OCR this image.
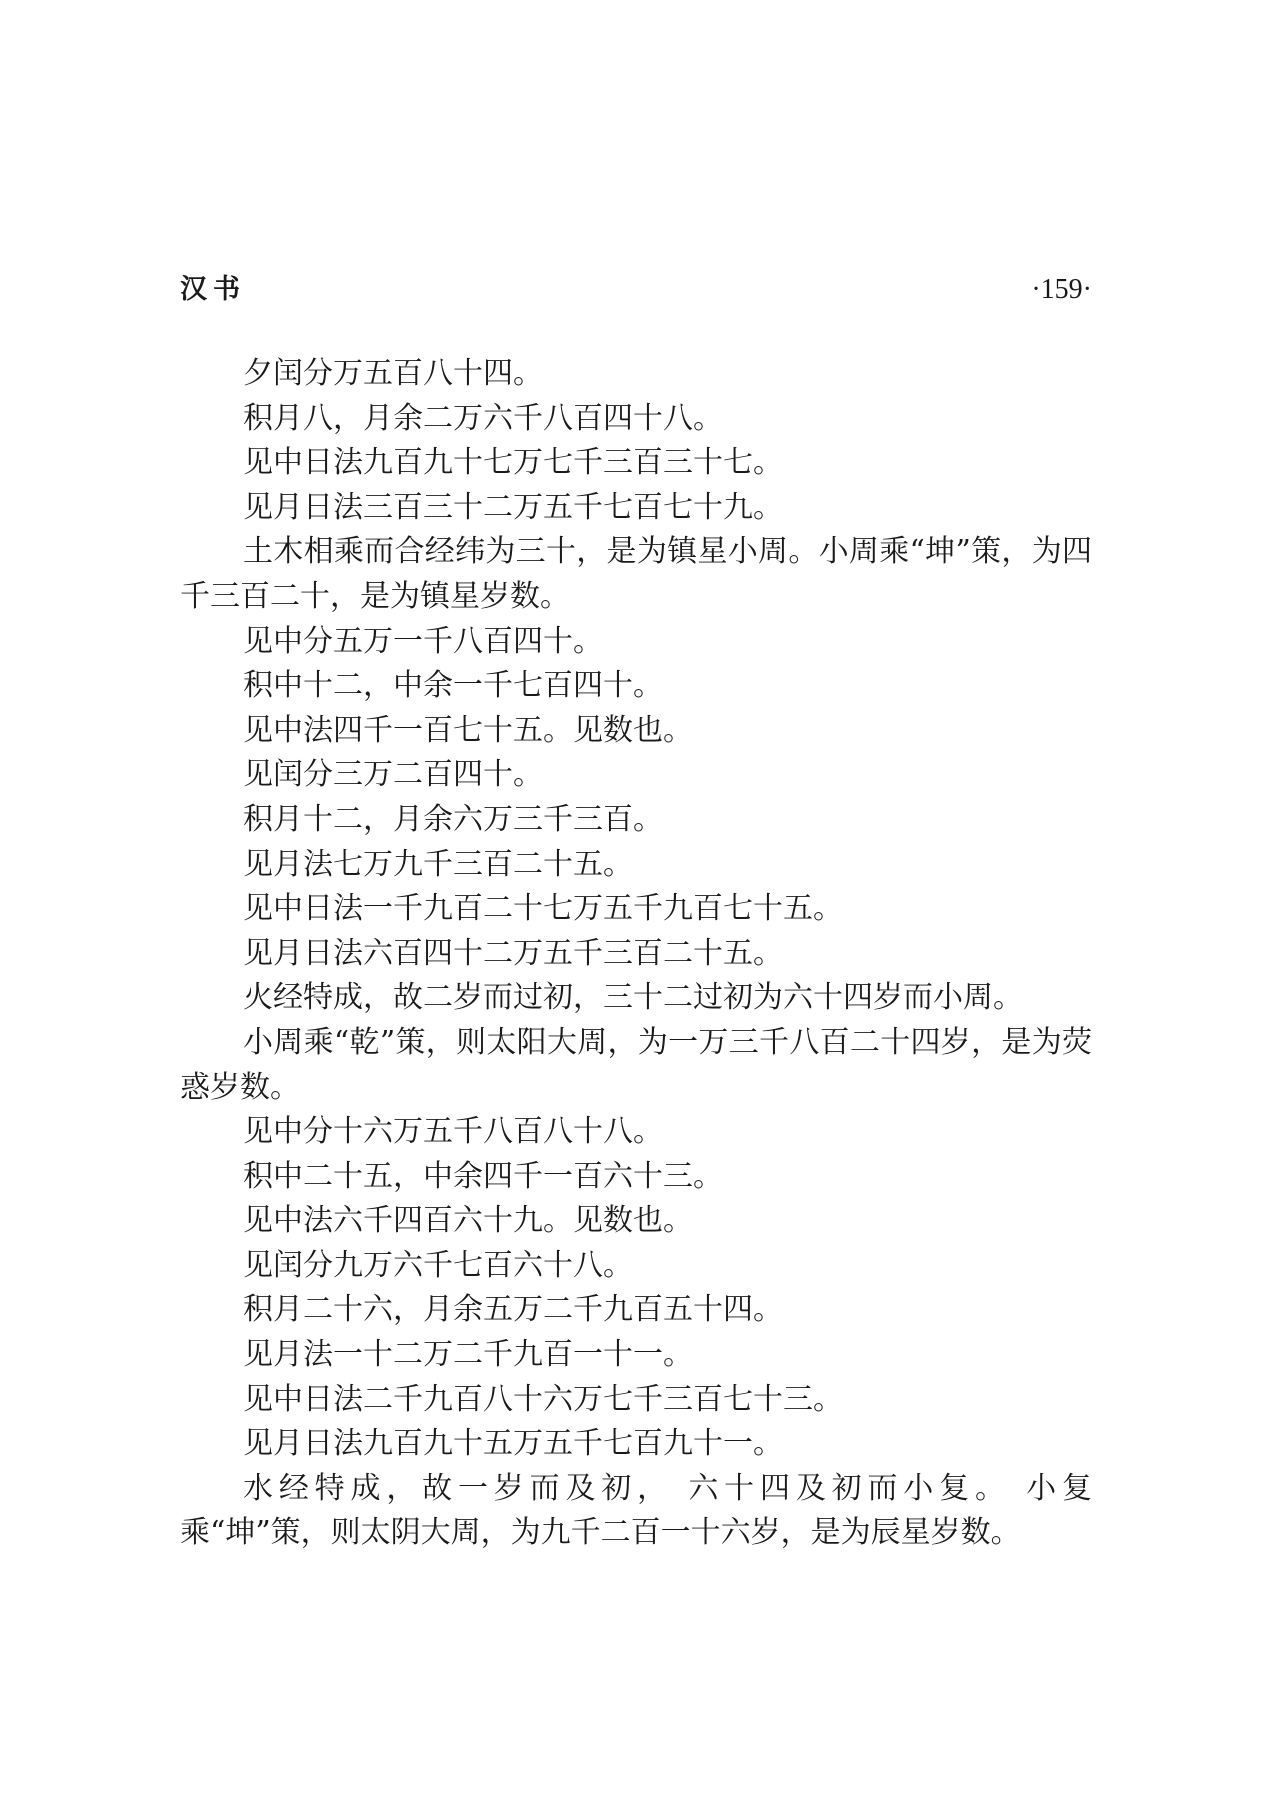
汉书	·159·

夕闰分万五百八十四。

积月八，月余二万六千八百四十八。

见中日法九百九十七万七千三百三十七。

见月日法三百三十二万五千七百七十九。

土木相乘而合经纬为三十，是为镇星小周。小周乘“坤”策，为四千三百二十，是为镇星岁数。

见中分五万一千八百四十。

积中十二，中余一千七百四十。

见中法四千一百七十五。见数也。

见闰分三万二百四十。

积月十二，月余六万三千三百。

见月法七万九千三百二十五。

见中日法一千九百二十七万五千九百七十五。

见月日法六百四十二万五千三百二十五。

火经特成，故二岁而过初，三十二过初为六十四岁而小周。

小周乘“乾”策，则太阳大周，为一万三千八百二十四岁，是为荧惑岁数。

见中分十六万五千八百八十八。

积中二十五，中余四千一百六十三。

见中法六千四百六十九。见数也。

见闰分九万六千七百六十八。

积月二十六，月余五万二千九百五十四。

见月法一十二万二千九百一十一。

见中日法二千九百八十六万七千三百七十三。

见月日法九百九十五万五千七百九十一。

水经特成，故一岁而及初， 六十四及初而小复。 小复乘“坤”策，则太阴大周，为九千二百一十六岁，是为辰星岁数。
